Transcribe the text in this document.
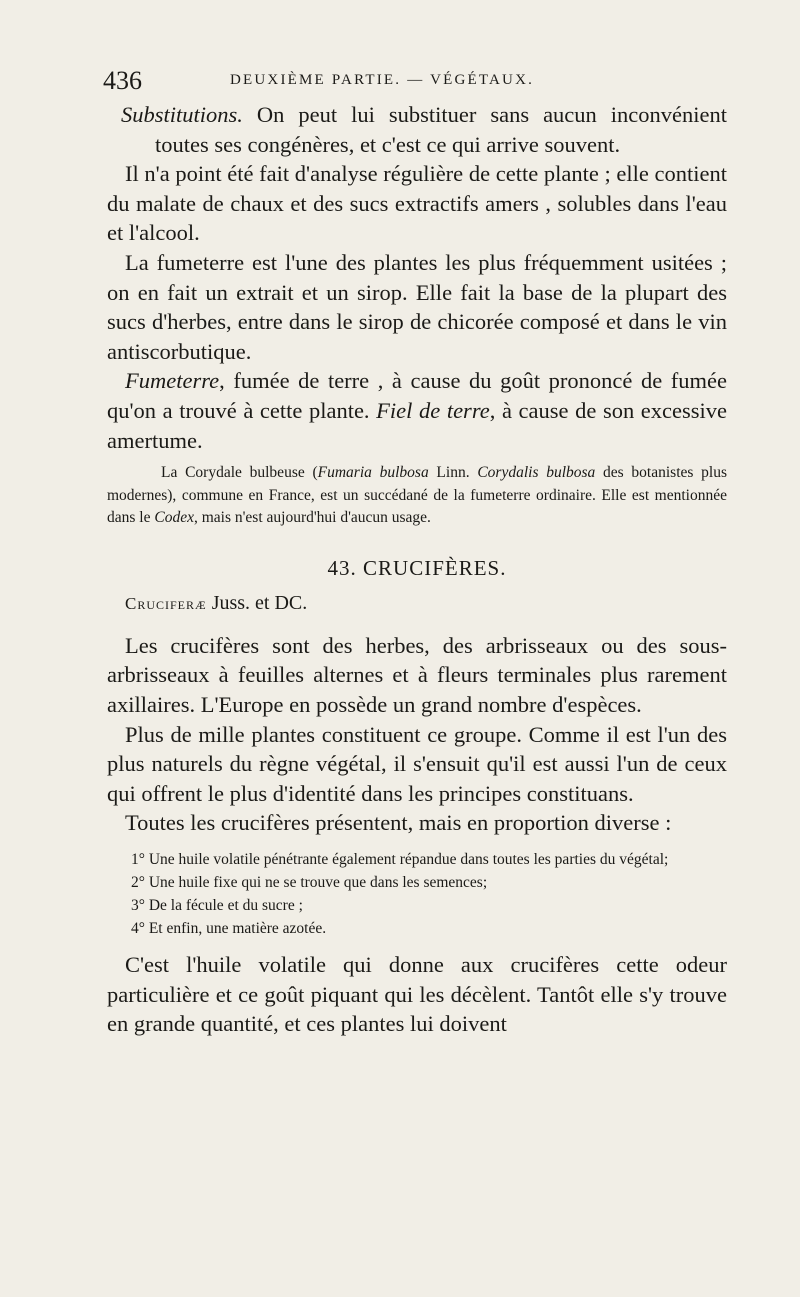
436	DEUXIÈME PARTIE. — VÉGÉTAUX.

Substitutions. On peut lui substituer sans aucun inconvénient toutes ses congénères, et c'est ce qui arrive souvent.

Il n'a point été fait d'analyse régulière de cette plante ; elle contient du malate de chaux et des sucs extractifs amers , solubles dans l'eau et l'alcool.

La fumeterre est l'une des plantes les plus fréquemment usitées ; on en fait un extrait et un sirop. Elle fait la base de la plupart des sucs d'herbes, entre dans le sirop de chicorée composé et dans le vin antiscorbutique.

Fumeterre, fumée de terre , à cause du goût prononcé de fumée qu'on a trouvé à cette plante. Fiel de terre, à cause de son excessive amertume.

La Corydale bulbeuse (Fumaria bulbosa Linn. Corydalis bulbosa des botanistes plus modernes), commune en France, est un succédané de la fumeterre ordinaire. Elle est mentionnée dans le Codex, mais n'est aujourd'hui d'aucun usage.
43. CRUCIFÈRES.
Cruciferæ Juss. et DC.

Les crucifères sont des herbes, des arbrisseaux ou des sous-arbrisseaux à feuilles alternes et à fleurs terminales plus rarement axillaires. L'Europe en possède un grand nombre d'espèces.

Plus de mille plantes constituent ce groupe. Comme il est l'un des plus naturels du règne végétal, il s'ensuit qu'il est aussi l'un de ceux qui offrent le plus d'identité dans les principes constituans.

Toutes les crucifères présentent, mais en proportion diverse :

1° Une huile volatile pénétrante également répandue dans toutes les parties du végétal;
2° Une huile fixe qui ne se trouve que dans les semences;
3° De la fécule et du sucre ;
4° Et enfin, une matière azotée.

C'est l'huile volatile qui donne aux crucifères cette odeur particulière et ce goût piquant qui les décèlent. Tantôt elle s'y trouve en grande quantité, et ces plantes lui doivent
